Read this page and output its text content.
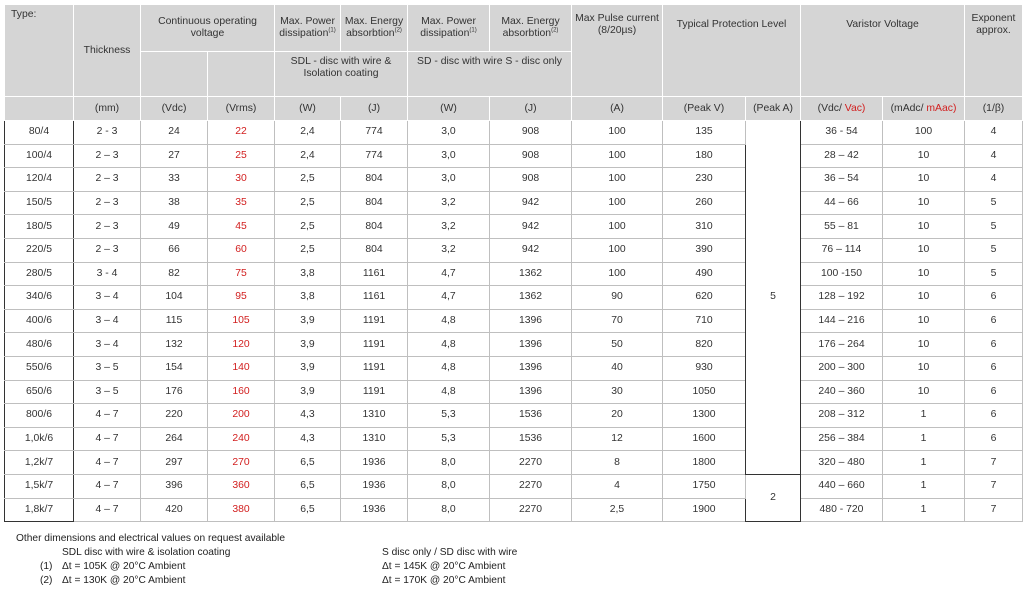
Type:	Thickness	Continuous operating voltage		Max. Power dissipation$^{(1)}$	Max. Energy absorbtion$^{(2)}$	Max. Power dissipation$^{(1)}$	Max. Energy absorbtion$^{(2)}$	Max Pulse current (8/20µs)	Typical Protection Level		Varistor Voltage		Exponent approx.
				SDL - disc with wire & Isolation coating		SD - disc with wire S - disc only							
	(mm)	(Vdc)	(Vrms)	(W)	(J)	(W)	(J)	(A)	(Peak V)	(Peak A)	(Vdc/ Vac)	(mAdc/ mAac)	(1/β)
80/4	2 - 3	24	22	2,4	774	3,0	908	100	135	5	36 - 54	100	4
100/4	2 – 3	27	25	2,4	774	3,0	908	100	180		28 – 42	10	4
120/4	2 – 3	33	30	2,5	804	3,0	908	100	230		36 – 54	10	4
150/5	2 – 3	38	35	2,5	804	3,2	942	100	260		44 – 66	10	5
180/5	2 – 3	49	45	2,5	804	3,2	942	100	310		55 – 81	10	5
220/5	2 – 3	66	60	2,5	804	3,2	942	100	390		76 – 114	10	5
280/5	3 - 4	82	75	3,8	1161	4,7	1362	100	490		100 -150	10	5
340/6	3 – 4	104	95	3,8	1161	4,7	1362	90	620		128 – 192	10	6
400/6	3 – 4	115	105	3,9	1191	4,8	1396	70	710		144 – 216	10	6
480/6	3 – 4	132	120	3,9	1191	4,8	1396	50	820		176 – 264	10	6
550/6	3 – 5	154	140	3,9	1191	4,8	1396	40	930		200 – 300	10	6
650/6	3 – 5	176	160	3,9	1191	4,8	1396	30	1050		240 – 360	10	6
800/6	4 – 7	220	200	4,3	1310	5,3	1536	20	1300		208 – 312	1	6
1,0k/6	4 – 7	264	240	4,3	1310	5,3	1536	12	1600		256 – 384	1	6
1,2k/7	4 – 7	297	270	6,5	1936	8,0	2270	8	1800		320 – 480	1	7
1,5k/7	4 – 7	396	360	6,5	1936	8,0	2270	4	1750	2	440 – 660	1	7
1,8k/7	4 – 7	420	380	6,5	1936	8,0	2270	2,5	1900		480 - 720	1	7
Other dimensions and electrical values on request available
SDL disc with wire & isolation coating	S disc only / SD disc with wire
(1) Δt = 105K @ 20°C Ambient	Δt = 145K @ 20°C Ambient
(2) Δt = 130K @ 20°C Ambient	Δt = 170K @ 20°C Ambient
